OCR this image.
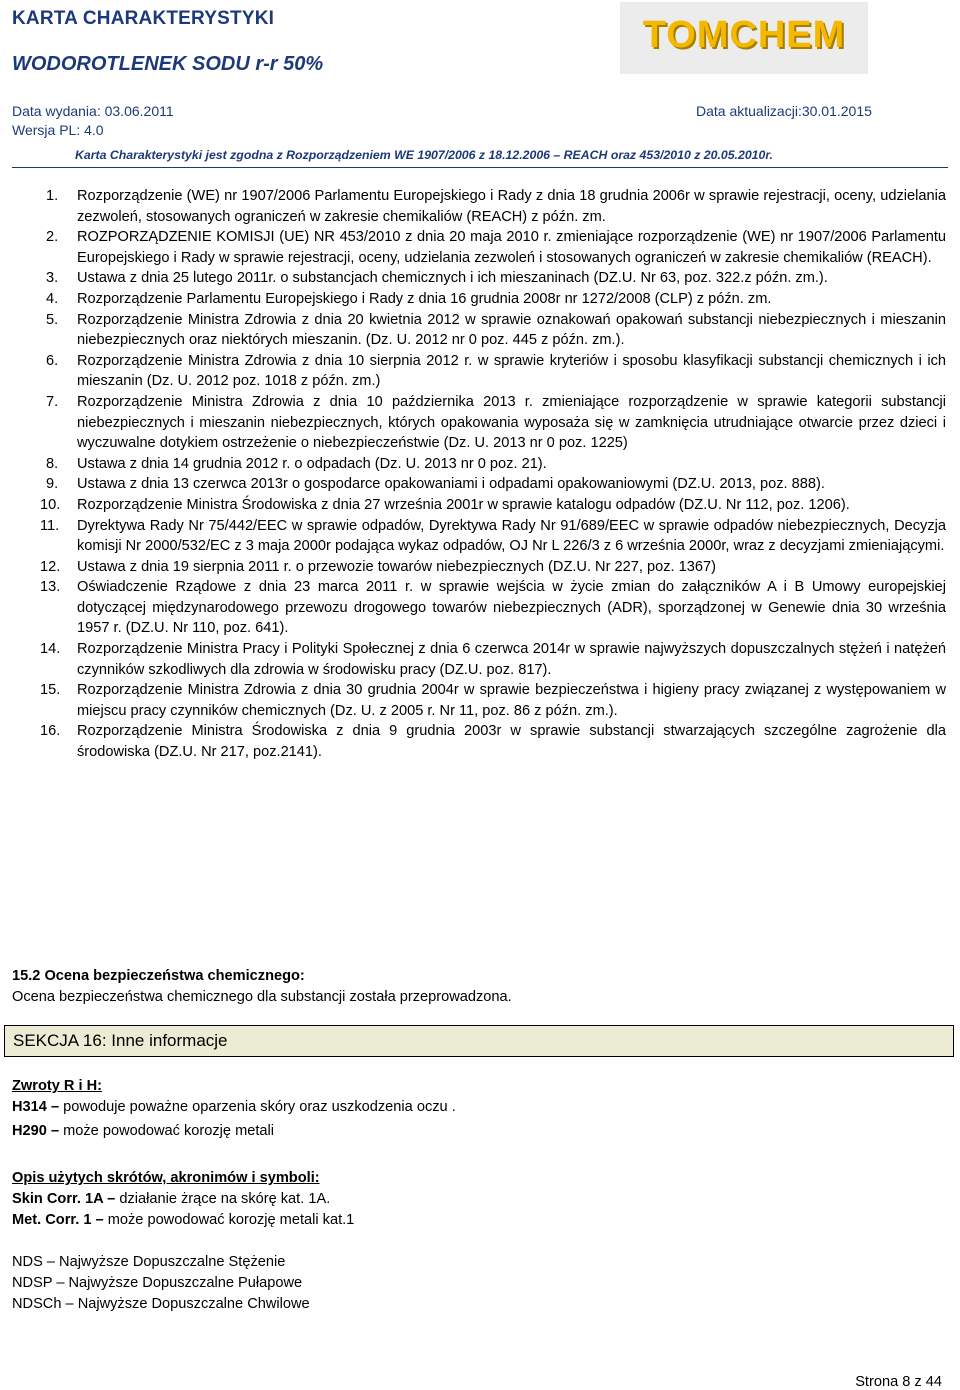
KARTA CHARAKTERYSTYKI
WODOROTLENEK SODU r-r 50%
TOMCHEM
Data wydania: 03.06.2011	Data aktualizacji:30.01.2015
Wersja PL: 4.0
Karta Charakterystyki jest zgodna z Rozporządzeniem WE 1907/2006 z 18.12.2006 – REACH oraz 453/2010 z 20.05.2010r.
1. Rozporządzenie (WE) nr 1907/2006 Parlamentu Europejskiego i Rady z dnia 18 grudnia 2006r w sprawie rejestracji, oceny, udzielania zezwoleń, stosowanych ograniczeń w zakresie chemikaliów (REACH) z późn. zm.
2. ROZPORZĄDZENIE KOMISJI (UE) NR 453/2010 z dnia 20 maja 2010 r. zmieniające rozporządzenie (WE) nr 1907/2006 Parlamentu Europejskiego i Rady w sprawie rejestracji, oceny, udzielania zezwoleń i stosowanych ograniczeń w zakresie chemikaliów (REACH).
3. Ustawa z dnia 25 lutego 2011r. o substancjach chemicznych i ich mieszaninach (DZ.U. Nr 63, poz. 322.z późn. zm.).
4. Rozporządzenie Parlamentu Europejskiego i Rady z dnia 16 grudnia 2008r nr 1272/2008 (CLP) z późn. zm.
5. Rozporządzenie Ministra Zdrowia z dnia 20 kwietnia 2012 w sprawie oznakowań opakowań substancji niebezpiecznych i mieszanin niebezpiecznych oraz niektórych mieszanin. (Dz. U. 2012 nr 0 poz. 445 z późn. zm.).
6. Rozporządzenie Ministra Zdrowia z dnia 10 sierpnia 2012 r. w sprawie kryteriów i sposobu klasyfikacji substancji chemicznych i ich mieszanin (Dz. U. 2012 poz. 1018 z późn. zm.)
7. Rozporządzenie Ministra Zdrowia z dnia 10 października 2013 r. zmieniające rozporządzenie w sprawie kategorii substancji niebezpiecznych i mieszanin niebezpiecznych, których opakowania wyposaża się w zamknięcia utrudniające otwarcie przez dzieci i wyczuwalne dotykiem ostrzeżenie o niebezpieczeństwie (Dz. U. 2013 nr 0 poz. 1225)
8. Ustawa z dnia 14 grudnia 2012 r. o odpadach (Dz. U. 2013 nr 0 poz. 21).
9. Ustawa z dnia 13 czerwca 2013r o gospodarce opakowaniami i odpadami opakowaniowymi (DZ.U. 2013, poz. 888).
10. Rozporządzenie Ministra Środowiska z dnia 27 września 2001r w sprawie katalogu odpadów (DZ.U. Nr 112, poz. 1206).
11. Dyrektywa Rady Nr 75/442/EEC w sprawie odpadów, Dyrektywa Rady Nr 91/689/EEC w sprawie odpadów niebezpiecznych, Decyzja komisji Nr 2000/532/EC z 3 maja 2000r podająca wykaz odpadów, OJ Nr L 226/3 z 6 września 2000r, wraz z decyzjami zmieniającymi.
12. Ustawa z dnia 19 sierpnia 2011 r. o przewozie towarów niebezpiecznych (DZ.U. Nr 227, poz. 1367)
13. Oświadczenie Rządowe z dnia 23 marca 2011 r. w sprawie wejścia w życie zmian do załączników A i B Umowy europejskiej dotyczącej międzynarodowego przewozu drogowego towarów niebezpiecznych (ADR), sporządzonej w Genewie dnia 30 września 1957 r. (DZ.U. Nr 110, poz. 641).
14. Rozporządzenie Ministra Pracy i Polityki Społecznej z dnia 6 czerwca 2014r w sprawie najwyższych dopuszczalnych stężeń i natężeń czynników szkodliwych dla zdrowia w środowisku pracy (DZ.U. poz. 817).
15. Rozporządzenie Ministra Zdrowia z dnia 30 grudnia 2004r w sprawie bezpieczeństwa i higieny pracy związanej z występowaniem w miejscu pracy czynników chemicznych (Dz. U. z 2005 r. Nr 11, poz. 86 z późn. zm.).
16. Rozporządzenie Ministra Środowiska z dnia 9 grudnia 2003r w sprawie substancji stwarzających szczególne zagrożenie dla środowiska (DZ.U. Nr 217, poz.2141).
15.2 Ocena bezpieczeństwa chemicznego:
Ocena bezpieczeństwa chemicznego dla substancji została przeprowadzona.
SEKCJA 16: Inne informacje
Zwroty R i H:
H314 – powoduje poważne oparzenia skóry oraz uszkodzenia oczu .
H290 – może powodować korozję metali
Opis użytych skrótów, akronimów i symboli:
Skin Corr. 1A – działanie żrące na skórę kat. 1A.
Met. Corr. 1 – może powodować korozję metali kat.1
NDS – Najwyższe Dopuszczalne Stężenie
NDSP – Najwyższe Dopuszczalne Pułapowe
NDSCh – Najwyższe Dopuszczalne Chwilowe
Strona 8 z 44
